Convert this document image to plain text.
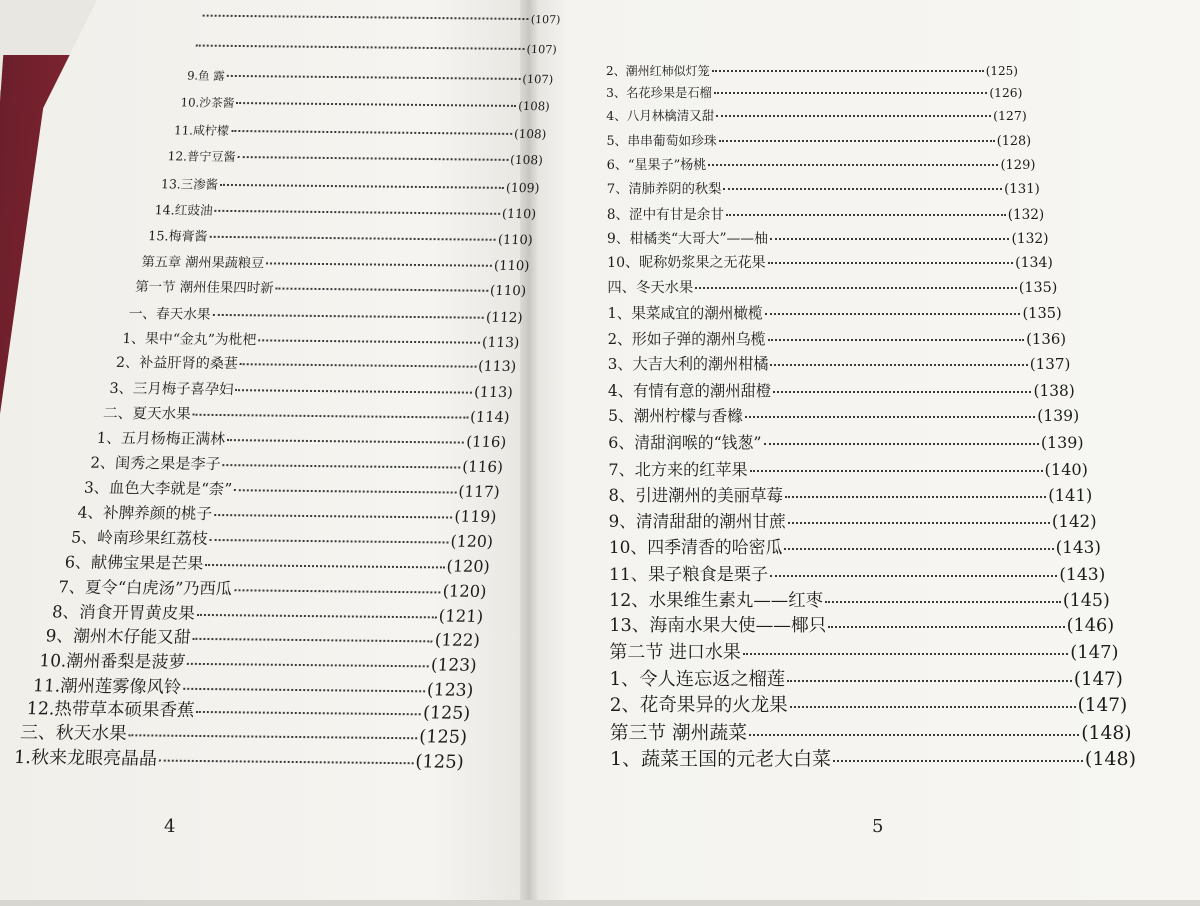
(107)
(107)
9.鱼 露	(107)
10.沙茶酱	(108)
11.咸柠檬	(108)
12.普宁豆酱	(108)
13.三渗酱	(109)
14.红豉油	(110)
15.梅膏酱	(110)
第五章 潮州果蔬粮豆	(110)
第一节 潮州佳果四时新	(110)
一、春天水果	(112)
1、果中“金丸”为枇杷	(113)
2、补益肝肾的桑葚	(113)
3、三月梅子喜孕妇	(113)
二、夏天水果	(114)
1、五月杨梅正满林	(116)
2、闺秀之果是李子	(116)
3、血色大李就是“柰”	(117)
4、补脾养颜的桃子	(119)
5、岭南珍果红荔枝	(120)
6、献佛宝果是芒果	(120)
7、夏令“白虎汤”乃西瓜	(120)
8、消食开胃黄皮果	(121)
9、潮州木仔能又甜	(122)
10.潮州番梨是菠萝	(123)
11.潮州莲雾像风铃	(123)
12.热带草本硕果香蕉	(125)
三、秋天水果	(125)
1.秋来龙眼亮晶晶	(125)
2、潮州红柿似灯笼	(125)
3、名花珍果是石榴	(126)
4、八月林檎清又甜	(127)
5、串串葡萄如珍珠	(128)
6、“星果子”杨桃	(129)
7、清肺养阴的秋梨	(131)
8、涩中有甘是余甘	(132)
9、柑橘类“大哥大”——柚	(132)
10、昵称奶浆果之无花果	(134)
四、冬天水果	(135)
1、果菜咸宜的潮州橄榄	(135)
2、形如子弹的潮州乌榄	(136)
3、大吉大利的潮州柑橘	(137)
4、有情有意的潮州甜橙	(138)
5、潮州柠檬与香橼	(139)
6、清甜润喉的“钱葱”	(139)
7、北方来的红苹果	(140)
8、引进潮州的美丽草莓	(141)
9、清清甜甜的潮州甘蔗	(142)
10、四季清香的哈密瓜	(143)
11、果子粮食是栗子	(143)
12、水果维生素丸——红枣	(145)
13、海南水果大使——椰只	(146)
第二节 进口水果	(147)
1、令人连忘返之榴莲	(147)
2、花奇果异的火龙果	(147)
第三节 潮州蔬菜	(148)
1、蔬菜王国的元老大白菜	(148)
4	5
